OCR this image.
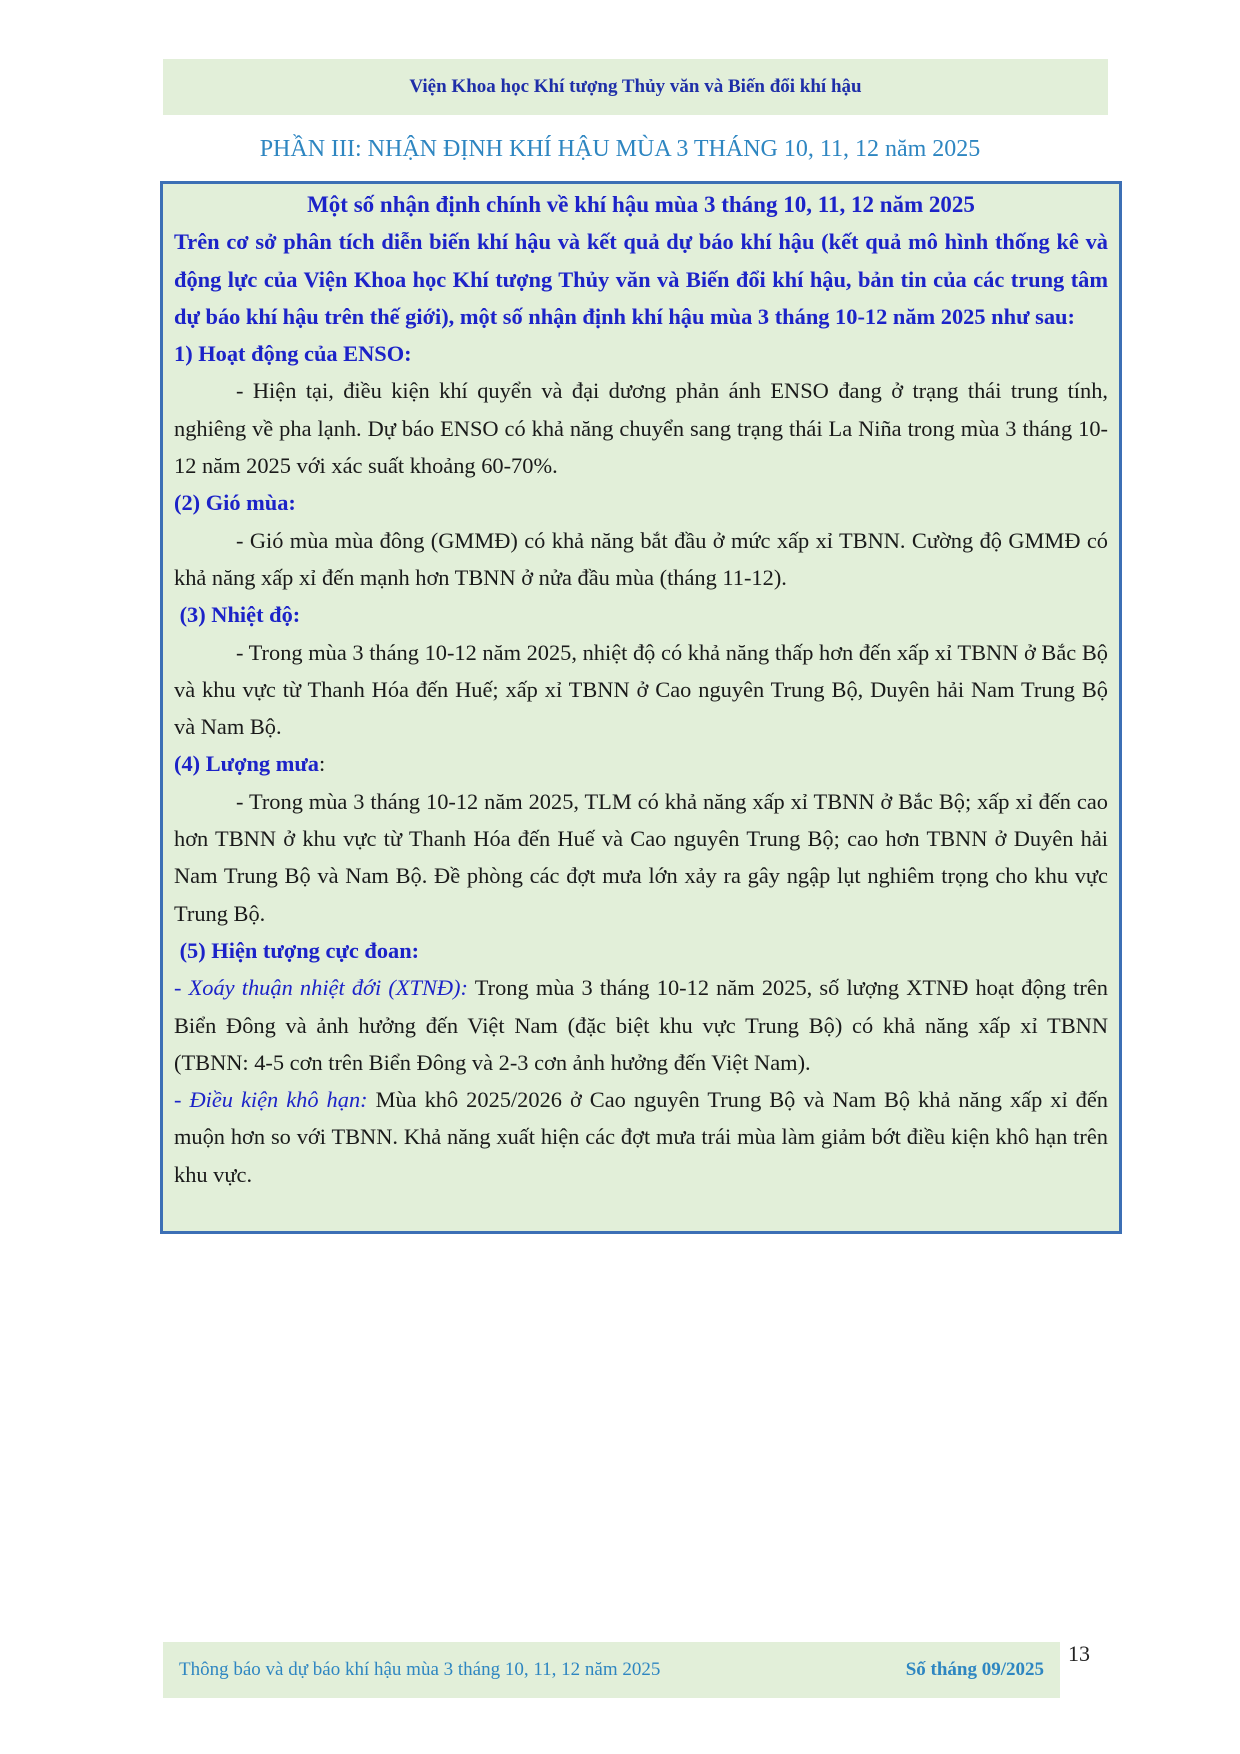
Viện Khoa học Khí tượng Thủy văn và Biến đổi khí hậu
PHẦN III: NHẬN ĐỊNH KHÍ HẬU MÙA 3 THÁNG 10, 11, 12 năm 2025

Một số nhận định chính về khí hậu mùa 3 tháng 10, 11, 12 năm 2025

Trên cơ sở phân tích diễn biến khí hậu và kết quả dự báo khí hậu (kết quả mô hình thống kê và động lực của Viện Khoa học Khí tượng Thủy văn và Biến đổi khí hậu, bản tin của các trung tâm dự báo khí hậu trên thế giới), một số nhận định khí hậu mùa 3 tháng 10-12 năm 2025 như sau:

1) Hoạt động của ENSO:

- Hiện tại, điều kiện khí quyển và đại dương phản ánh ENSO đang ở trạng thái trung tính, nghiêng về pha lạnh. Dự báo ENSO có khả năng chuyển sang trạng thái La Niña trong mùa 3 tháng 10-12 năm 2025 với xác suất khoảng 60-70%.

(2) Gió mùa:

- Gió mùa mùa đông (GMMĐ) có khả năng bắt đầu ở mức xấp xỉ TBNN. Cường độ GMMĐ có khả năng xấp xỉ đến mạnh hơn TBNN ở nửa đầu mùa (tháng 11-12).

(3) Nhiệt độ:

- Trong mùa 3 tháng 10-12 năm 2025, nhiệt độ có khả năng thấp hơn đến xấp xỉ TBNN ở Bắc Bộ và khu vực từ Thanh Hóa đến Huế; xấp xỉ TBNN ở Cao nguyên Trung Bộ, Duyên hải Nam Trung Bộ và Nam Bộ.

(4) Lượng mưa:

- Trong mùa 3 tháng 10-12 năm 2025, TLM có khả năng xấp xỉ TBNN ở Bắc Bộ; xấp xỉ đến cao hơn TBNN ở khu vực từ Thanh Hóa đến Huế và Cao nguyên Trung Bộ; cao hơn TBNN ở Duyên hải Nam Trung Bộ và Nam Bộ. Đề phòng các đợt mưa lớn xảy ra gây ngập lụt nghiêm trọng cho khu vực Trung Bộ.

(5) Hiện tượng cực đoan:

- Xoáy thuận nhiệt đới (XTNĐ): Trong mùa 3 tháng 10-12 năm 2025, số lượng XTNĐ hoạt động trên Biển Đông và ảnh hưởng đến Việt Nam (đặc biệt khu vực Trung Bộ) có khả năng xấp xỉ TBNN (TBNN: 4-5 cơn trên Biển Đông và 2-3 cơn ảnh hưởng đến Việt Nam).

- Điều kiện khô hạn: Mùa khô 2025/2026 ở Cao nguyên Trung Bộ và Nam Bộ khả năng xấp xỉ đến muộn hơn so với TBNN. Khả năng xuất hiện các đợt mưa trái mùa làm giảm bớt điều kiện khô hạn trên khu vực.

Thông báo và dự báo khí hậu mùa 3 tháng 10, 11, 12 năm 2025	Số tháng 09/2025
13
